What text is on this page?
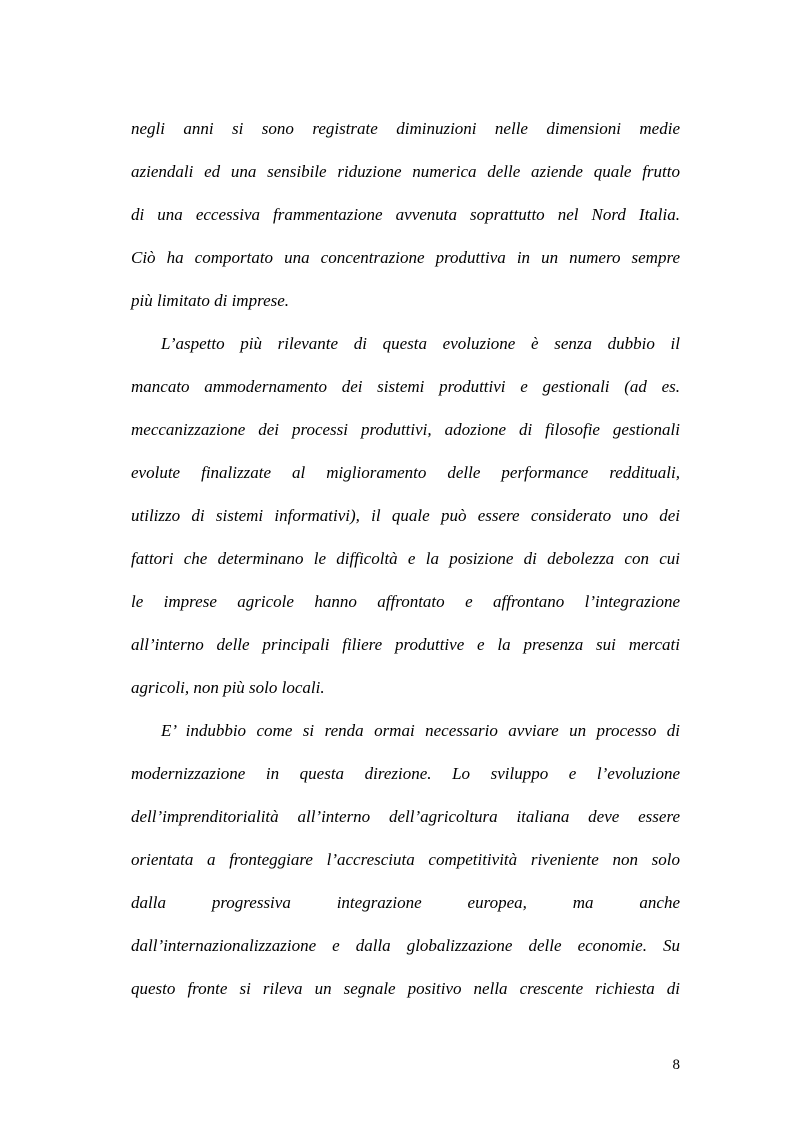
negli anni si sono registrate diminuzioni nelle dimensioni medie
aziendali ed una sensibile riduzione numerica delle aziende quale frutto
di una eccessiva frammentazione avvenuta soprattutto nel Nord Italia.
Ciò ha comportato una concentrazione produttiva in un numero sempre
più limitato di imprese.

L’aspetto più rilevante di questa evoluzione è senza dubbio il
mancato ammodernamento dei sistemi produttivi e gestionali (ad es.
meccanizzazione dei processi produttivi, adozione di filosofie gestionali
evolute finalizzate al miglioramento delle performance reddituali,
utilizzo di sistemi informativi), il quale può essere considerato uno dei
fattori che determinano le difficoltà e la posizione di debolezza con cui
le imprese agricole hanno affrontato e affrontano l’integrazione
all’interno delle principali filiere produttive e la presenza sui mercati
agricoli, non più solo locali.

E’ indubbio come si renda ormai necessario avviare un processo di
modernizzazione in questa direzione. Lo sviluppo e l’evoluzione
dell’imprenditorialità all’interno dell’agricoltura italiana deve essere
orientata a fronteggiare l’accresciuta competitività riveniente non solo
dalla progressiva integrazione europea, ma anche
dall’internazionalizzazione e dalla globalizzazione delle economie. Su
questo fronte si rileva un segnale positivo nella crescente richiesta di

8
